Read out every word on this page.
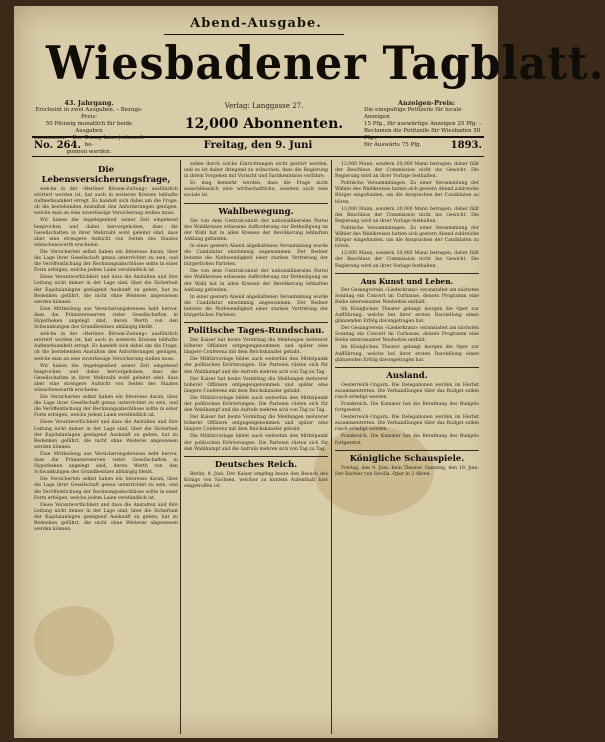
Abend-Ausgabe.
Wiesbadener Tagblatt.
43. Jahrgang.
Erscheint in zwei Ausgaben. – Bezugs-Preis:
50 Pfennig monatlich für beide Ausgaben
zusammen. – Der Bezug kann jederzeit be-
gonnen werden.
Verlag: Langgasse 27.
12,000 Abonnenten.
Anzeigen-Preis:
Die einspaltige Petitzeile für locale Anzeigen
15 Pfg., für auswärtige Anzeigen 25 Pfg. –
Reclamen die Petitzeile für Wiesbaden 50 Pfg.,
für Auswärts 75 Pfg.
No. 264.	Freitag, den 9. Juni	1893.
Die Lebensversicherungsfrage,

welche in der »Berliner Börsen-Zeitung« ausführlich erörtert worden ist, hat auch in weiteren Kreisen lebhafte Aufmerksamkeit erregt. Es handelt sich dabei um die Frage, ob die bestehenden Anstalten den Anforderungen genügen, welche man an eine zuverlässige Versicherung stellen muss.

Wir haben die Angelegenheit seiner Zeit eingehend besprochen und dabei hervorgehoben, dass die Gesellschaften in ihrer Mehrzahl wohl geleitet sind, dass aber eine strengere Aufsicht von Seiten des Staates wünschenswerth erscheine.

Die Versicherten selbst haben ein Interesse daran, über die Lage ihrer Gesellschaft genau unterrichtet zu sein, und die Veröffentlichung der Rechnungsabschlüsse sollte in einer Form erfolgen, welche jedem Laien verständlich ist.

Diese Verantwortlichkeit und dass die Anstalten und ihre Leitung nicht immer in der Lage sind, über die Sicherheit der Kapitalanlagen genügend Auskunft zu geben, hat zu Bedenken geführt, die nicht ohne Weiteres abgewiesen werden können.

Eine Mittheilung aus Versicherungskreisen hebt hervor, dass die Prämienreserven vieler Gesellschaften in Hypotheken angelegt sind, deren Werth von den Schwankungen des Grundbesitzes abhängig bleibt.

welche in der »Berliner Börsen-Zeitung« ausführlich erörtert worden ist, hat auch in weiteren Kreisen lebhafte Aufmerksamkeit erregt. Es handelt sich dabei um die Frage, ob die bestehenden Anstalten den Anforderungen genügen, welche man an eine zuverlässige Versicherung stellen muss.

Wir haben die Angelegenheit seiner Zeit eingehend besprochen und dabei hervorgehoben, dass die Gesellschaften in ihrer Mehrzahl wohl geleitet sind, dass aber eine strengere Aufsicht von Seiten des Staates wünschenswerth erscheine.

Die Versicherten selbst haben ein Interesse daran, über die Lage ihrer Gesellschaft genau unterrichtet zu sein, und die Veröffentlichung der Rechnungsabschlüsse sollte in einer Form erfolgen, welche jedem Laien verständlich ist.

Diese Verantwortlichkeit und dass die Anstalten und ihre Leitung nicht immer in der Lage sind, über die Sicherheit der Kapitalanlagen genügend Auskunft zu geben, hat zu Bedenken geführt, die nicht ohne Weiteres abgewiesen werden können.

Eine Mittheilung aus Versicherungskreisen hebt hervor, dass die Prämienreserven vieler Gesellschaften in Hypotheken angelegt sind, deren Werth von den Schwankungen des Grundbesitzes abhängig bleibt.

Die Versicherten selbst haben ein Interesse daran, über die Lage ihrer Gesellschaft genau unterrichtet zu sein, und die Veröffentlichung der Rechnungsabschlüsse sollte in einer Form erfolgen, welche jedem Laien verständlich ist.

Diese Verantwortlichkeit und dass die Anstalten und ihre Leitung nicht immer in der Lage sind, über die Sicherheit der Kapitalanlagen genügend Auskunft zu geben, hat zu Bedenken geführt, die nicht ohne Weiteres abgewiesen werden können.

sollen durch solche Einrichtungen nicht gestört werden, und es ist daher dringend zu wünschen, dass die Regierung in ihrem Vorgehen mit Vorsicht und Sachkenntniss verfahre.

Es mag bemerkt werden, dass die Frage nicht ausschliesslich eine wirthschaftliche, sondern auch eine sociale ist.

Wahlbewegung.

Die von dem Centralcomité der nationalliberalen Partei des Wahlkreises erlassene Aufforderung zur Betheiligung an der Wahl hat in allen Kreisen der Bevölkerung lebhaften Anklang gefunden.

In einer gestern Abend abgehaltenen Versammlung wurde die Candidatur einstimmig angenommen. Der Redner betonte die Nothwendigkeit einer starken Vertretung der bürgerlichen Parteien.

Die von dem Centralcomité der nationalliberalen Partei des Wahlkreises erlassene Aufforderung zur Betheiligung an der Wahl hat in allen Kreisen der Bevölkerung lebhaften Anklang gefunden.

In einer gestern Abend abgehaltenen Versammlung wurde die Candidatur einstimmig angenommen. Der Redner betonte die Nothwendigkeit einer starken Vertretung der bürgerlichen Parteien.

Politische Tages-Rundschau.

Der Kaiser hat heute Vormittag die Meldungen mehrerer höherer Offiziere entgegengenommen und später eine längere Conferenz mit dem Reichskanzler gehabt.

Die Militärvorlage bildet auch weiterhin den Mittelpunkt der politischen Erörterungen. Die Parteien rüsten sich für den Wahlkampf und die Aufrufe mehren sich von Tag zu Tag.

Der Kaiser hat heute Vormittag die Meldungen mehrerer höherer Offiziere entgegengenommen und später eine längere Conferenz mit dem Reichskanzler gehabt.

Die Militärvorlage bildet auch weiterhin den Mittelpunkt der politischen Erörterungen. Die Parteien rüsten sich für den Wahlkampf und die Aufrufe mehren sich von Tag zu Tag.

Der Kaiser hat heute Vormittag die Meldungen mehrerer höherer Offiziere entgegengenommen und später eine längere Conferenz mit dem Reichskanzler gehabt.

Die Militärvorlage bildet auch weiterhin den Mittelpunkt der politischen Erörterungen. Die Parteien rüsten sich für den Wahlkampf und die Aufrufe mehren sich von Tag zu Tag.

Deutsches Reich.

Berlin, 8. Juni. Der Kaiser empfing heute den Besuch des Königs von Sachsen, welcher zu kurzem Aufenthalt hier eingetroffen ist.

13,000 Mann, sondern 20,000 Mann betragen, daher fällt der Beschluss der Commission nicht ins Gewicht. Die Regierung wird an ihrer Vorlage festhalten.

Politische Versammlungen. Zu einer Versammlung der Wähler des Wahlkreises hatten sich gestern Abend zahlreiche Bürger eingefunden, um die Ansprachen der Candidaten zu hören.

13,000 Mann, sondern 20,000 Mann betragen, daher fällt der Beschluss der Commission nicht ins Gewicht. Die Regierung wird an ihrer Vorlage festhalten.

Politische Versammlungen. Zu einer Versammlung der Wähler des Wahlkreises hatten sich gestern Abend zahlreiche Bürger eingefunden, um die Ansprachen der Candidaten zu hören.

13,000 Mann, sondern 20,000 Mann betragen, daher fällt der Beschluss der Commission nicht ins Gewicht. Die Regierung wird an ihrer Vorlage festhalten.

Aus Kunst und Leben.

Der Gesangverein »Liederkranz« veranstaltet am nächsten Sonntag ein Concert im Curhause, dessen Programm eine Reihe interessanter Neuheiten enthält.

Im Königlichen Theater gelangt morgen die Oper zur Aufführung, welche bei ihrer ersten Darstellung einen glänzenden Erfolg davongetragen hat.

Der Gesangverein »Liederkranz« veranstaltet am nächsten Sonntag ein Concert im Curhause, dessen Programm eine Reihe interessanter Neuheiten enthält.

Im Königlichen Theater gelangt morgen die Oper zur Aufführung, welche bei ihrer ersten Darstellung einen glänzenden Erfolg davongetragen hat.

Ausland.

Oesterreich-Ungarn. Die Delegationen werden im Herbst zusammentreten. Die Verhandlungen über das Budget sollen rasch erledigt werden.

Frankreich. Die Kammer hat die Berathung des Budgets fortgesetzt.

Oesterreich-Ungarn. Die Delegationen werden im Herbst zusammentreten. Die Verhandlungen über das Budget sollen rasch erledigt werden.

Frankreich. Die Kammer hat die Berathung des Budgets fortgesetzt.

Königliche Schauspiele.

Freitag, den 9. Juni: Kein Theater. Samstag, den 10. Juni: Der Barbier von Sevilla. Oper in 2 Akten.
